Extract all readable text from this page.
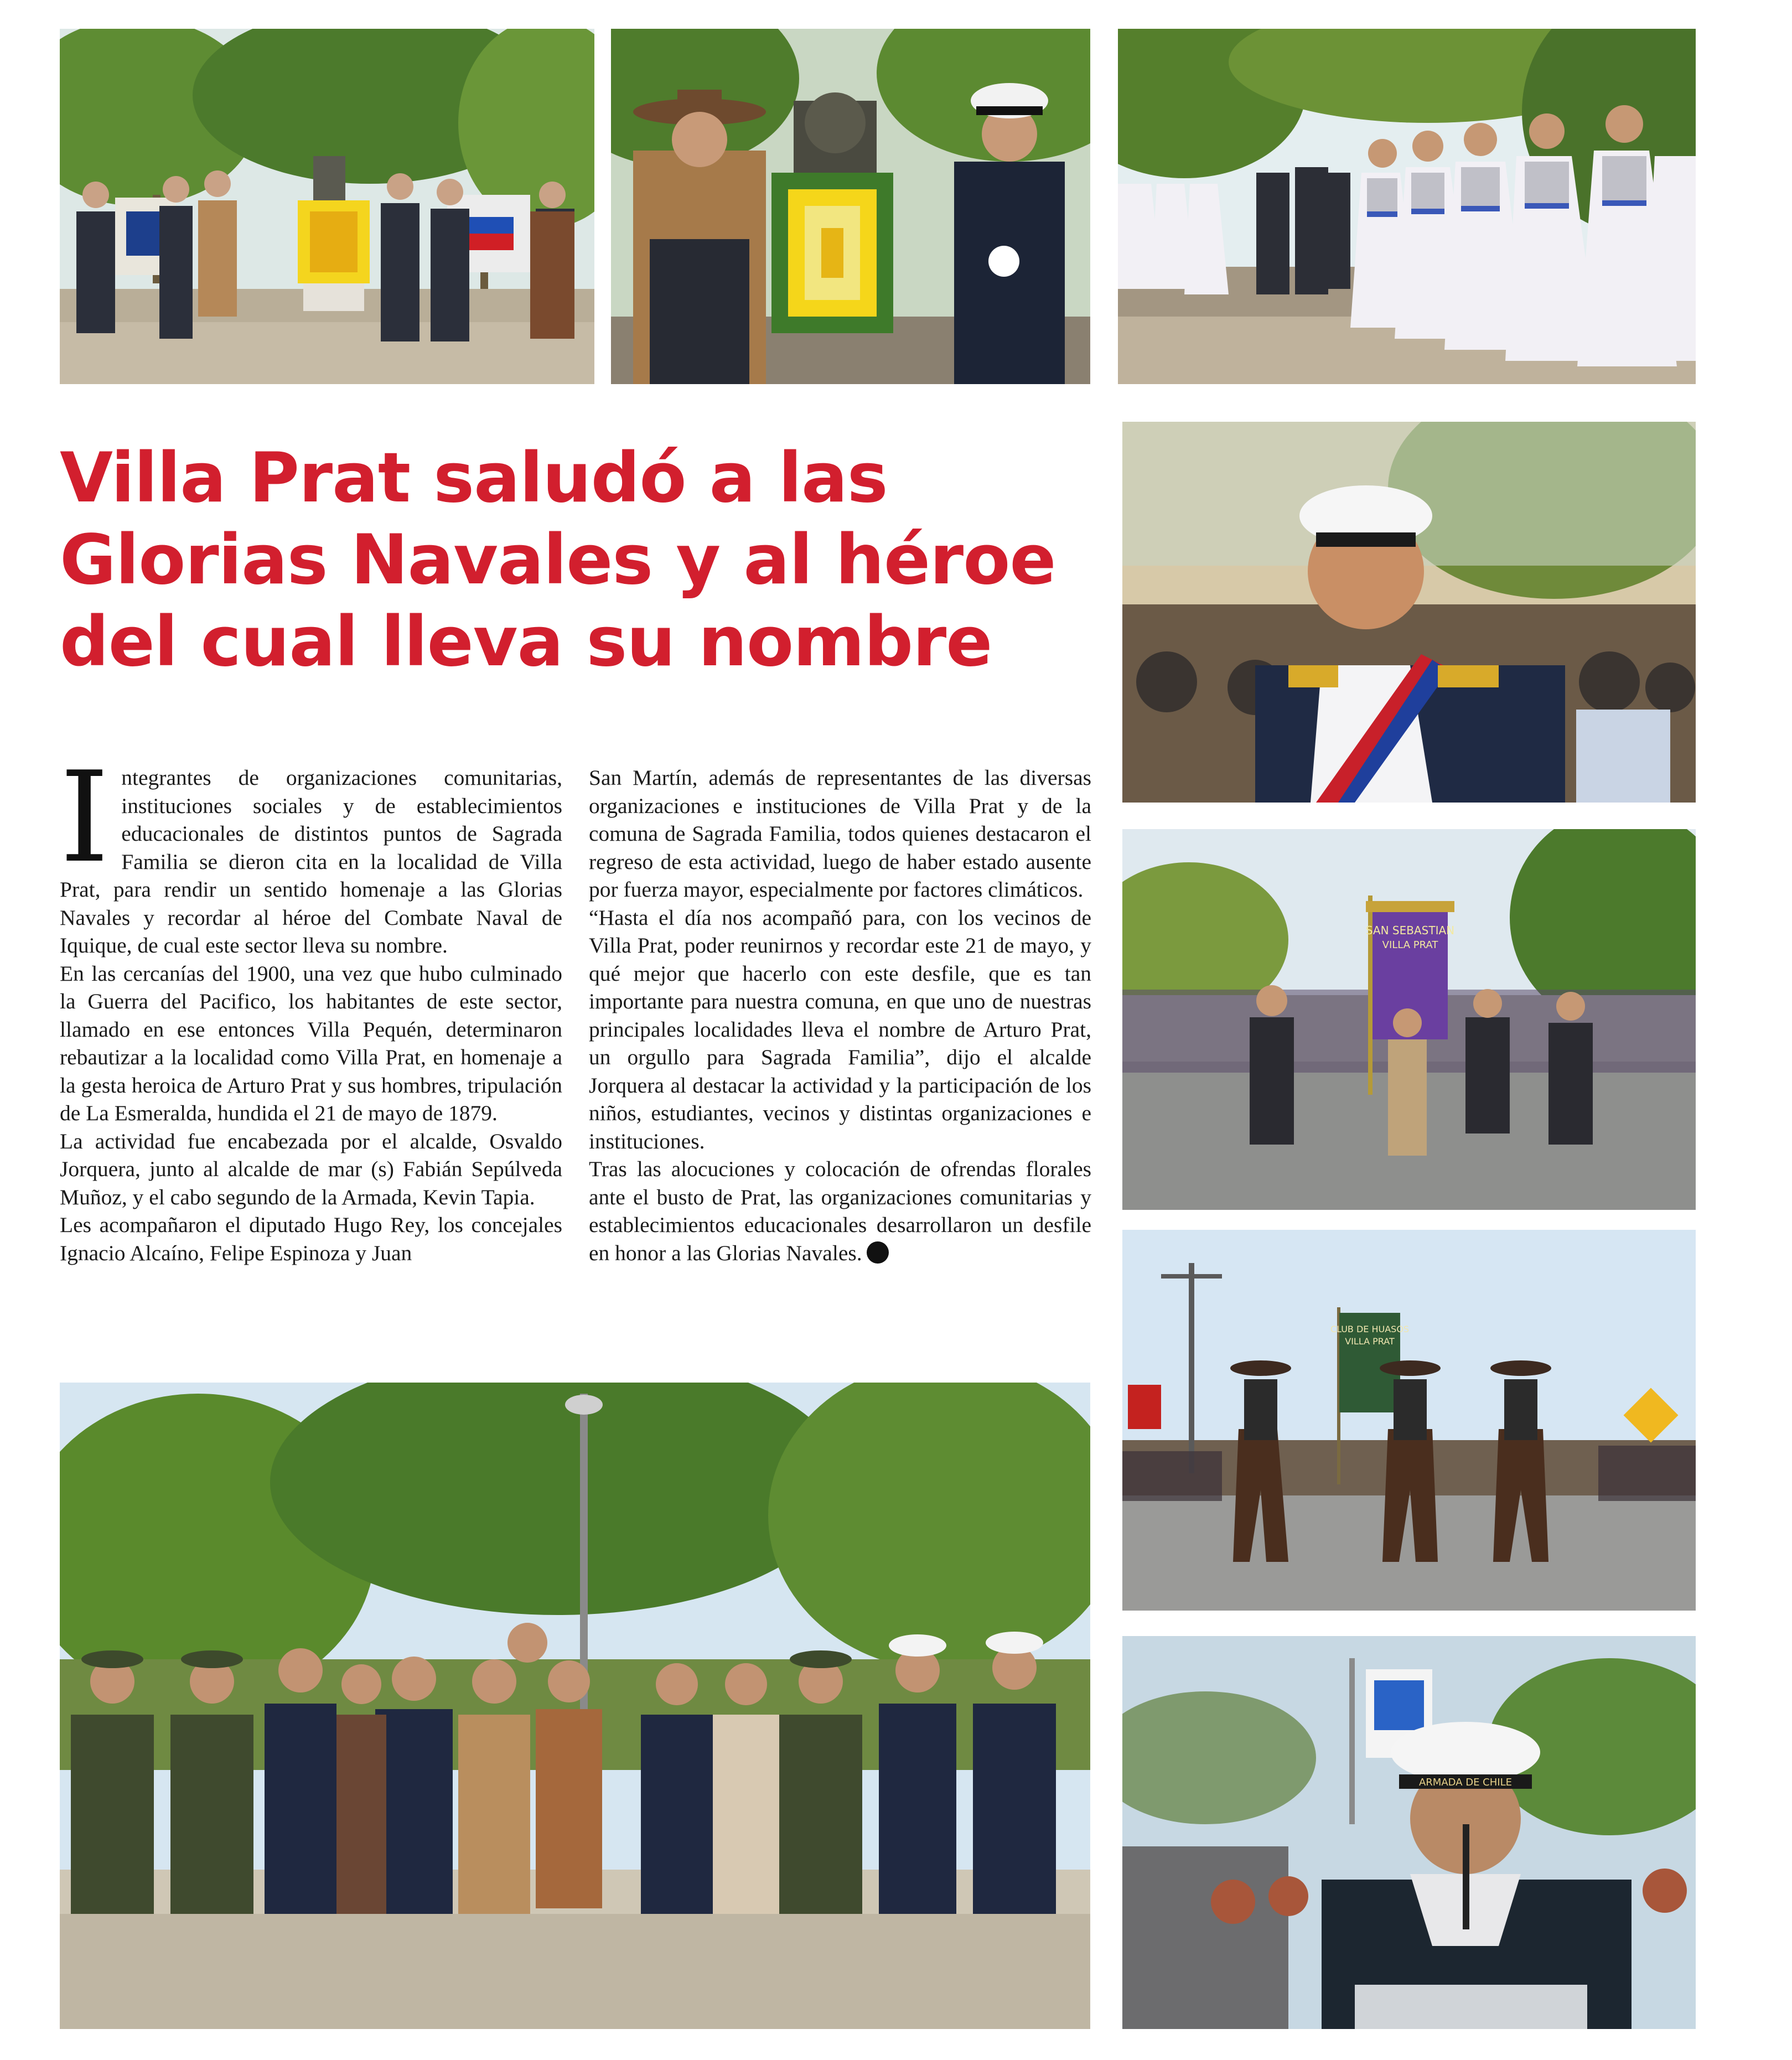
SAN SEBASTIAN
VILLA PRAT
CLUB DE HUASOS
VILLA PRAT
ARMADA DE CHILE
Villa Prat saludó a las Glorias Navales y al héroe del cual lleva su nombre

Integrantes de organizaciones comunitarias, instituciones sociales y de establecimientos educacionales de distintos puntos de Sagrada Familia se dieron cita en la localidad de Villa Prat, para rendir un sentido homenaje a las Glorias Navales y recordar al héroe del Combate Naval de Iquique, de cual este sector lleva su nombre.

En las cercanías del 1900, una vez que hubo culminado la Guerra del Pacifico, los habitantes de este sector, llamado en ese entonces Villa Pequén, determinaron rebautizar a la localidad como Villa Prat, en homenaje a la gesta heroica de Arturo Prat y sus hombres, tripulación de La Esmeralda, hundida el 21 de mayo de 1879.

La actividad fue encabezada por el alcalde, Osvaldo Jorquera, junto al alcalde de mar (s) Fabián Sepúlveda Muñoz, y el cabo segundo de la Armada, Kevin Tapia.

Les acompañaron el diputado Hugo Rey, los concejales Ignacio Alcaíno, Felipe Espinoza y Juan

San Martín, además de representantes de las diversas organizaciones e instituciones de Villa Prat y de la comuna de Sagrada Familia, todos quienes destacaron el regreso de esta actividad, luego de haber estado ausente por fuerza mayor, especialmente por factores climáticos.

“Hasta el día nos acompañó para, con los vecinos de Villa Prat, poder reunirnos y recordar este 21 de mayo, y qué mejor que hacerlo con este desfile, que es tan importante para nuestra comuna, en que uno de nuestras principales localidades lleva el nombre de Arturo Prat, un orgullo para Sagrada Familia”, dijo el alcalde Jorquera al destacar la actividad y la participación de los niños, estudiantes, vecinos y distintas organizaciones e instituciones.

Tras las alocuciones y colocación de ofrendas florales ante el busto de Prat, las organizaciones comunitarias y establecimientos educacionales desarrollaron un desfile en honor a las Glorias Navales.
